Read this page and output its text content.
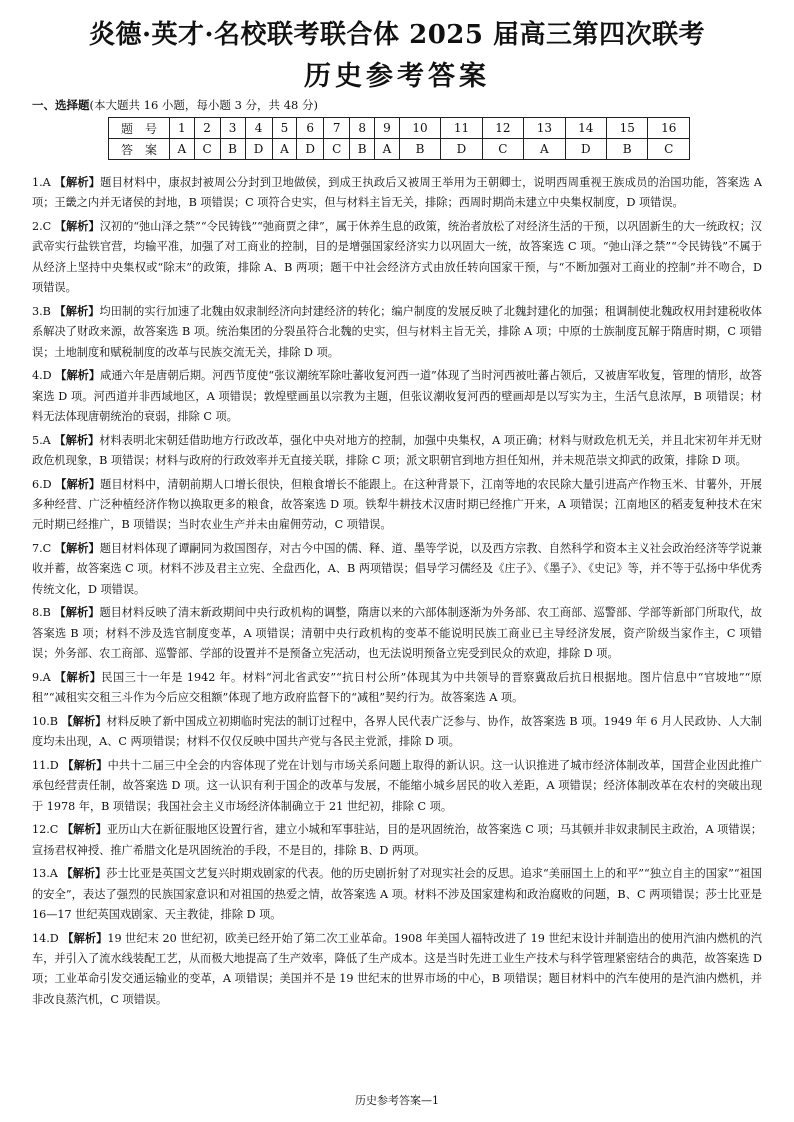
炎德·英才·名校联考联合体 2025 届高三第四次联考
历史参考答案
一、选择题(本大题共 16 小题，每小题 3 分，共 48 分)
题号	1	2	3	4	5	6	7	8	9	10	11	12	13	14	15	16
答案	A	C	B	D	A	D	C	B	A	B	D	C	A	D	B	C
1.A 【解析】题目材料中，康叔封被周公分封到卫地做侯，到成王执政后又被周王举用为王朝卿士，说明西周重视王族成员的治国功能，答案选 A 项；王畿之内并无诸侯的封地，B 项错误；C 项符合史实，但与材料主旨无关，排除；西周时期尚未建立中央集权制度，D 项错误。
2.C 【解析】汉初的“弛山泽之禁”“令民铸钱”“弛商贾之律”，属于休养生息的政策，统治者放松了对经济生活的干预，以巩固新生的大一统政权；汉武帝实行盐铁官营，均输平准，加强了对工商业的控制，目的是增强国家经济实力以巩固大一统，故答案选 C 项。“弛山泽之禁”“令民铸钱”不属于从经济上坚持中央集权或“除末”的政策，排除 A、B 两项；题干中社会经济方式由放任转向国家干预，与“不断加强对工商业的控制”并不吻合，D 项错误。
3.B 【解析】均田制的实行加速了北魏由奴隶制经济向封建经济的转化；编户制度的发展反映了北魏封建化的加强；租调制使北魏政权用封建税收体系解决了财政来源，故答案选 B 项。统治集团的分裂虽符合北魏的史实，但与材料主旨无关，排除 A 项；中原的士族制度瓦解于隋唐时期，C 项错误；土地制度和赋税制度的改革与民族交流无关，排除 D 项。
4.D 【解析】咸通六年是唐朝后期。河西节度使“张议潮统军除吐蕃收复河西一道”体现了当时河西被吐蕃占领后，又被唐军收复，管理的情形，故答案选 D 项。河西道并非西域地区，A 项错误；敦煌壁画虽以宗教为主题，但张议潮收复河西的壁画却是以写实为主，生活气息浓厚，B 项错误；材料无法体现唐朝统治的衰弱，排除 C 项。
5.A 【解析】材料表明北宋朝廷借助地方行政改革，强化中央对地方的控制，加强中央集权，A 项正确；材料与财政危机无关，并且北宋初年并无财政危机现象，B 项错误；材料与政府的行政效率并无直接关联，排除 C 项；派文职朝官到地方担任知州，并未规范崇文抑武的政策，排除 D 项。
6.D 【解析】题目材料中，清朝前期人口增长很快，但粮食增长不能跟上。在这种背景下，江南等地的农民除大量引进高产作物玉米、甘薯外，开展多种经营、广泛种植经济作物以换取更多的粮食，故答案选 D 项。铁犁牛耕技术汉唐时期已经推广开来，A 项错误；江南地区的稻麦复种技术在宋元时期已经推广，B 项错误；当时农业生产并未由雇佣劳动，C 项错误。
7.C 【解析】题目材料体现了谭嗣同为救国图存，对古今中国的儒、释、道、墨等学说，以及西方宗教、自然科学和资本主义社会政治经济等学说兼收并蓄，故答案选 C 项。材料不涉及君主立宪、全盘西化，A、B 两项错误；倡导学习儒经及《庄子》、《墨子》、《史记》等，并不等于弘扬中华优秀传统文化，D 项错误。
8.B 【解析】题目材料反映了清末新政期间中央行政机构的调整，隋唐以来的六部体制逐渐为外务部、农工商部、巡警部、学部等新部门所取代，故答案选 B 项；材料不涉及选官制度变革，A 项错误；清朝中央行政机构的变革不能说明民族工商业已主导经济发展，资产阶级当家作主，C 项错误；外务部、农工商部、巡警部、学部的设置并不是预备立宪活动，也无法说明预备立宪受到民众的欢迎，排除 D 项。
9.A 【解析】民国三十一年是 1942 年。材料“河北省武安”“抗日村公所”体现其为中共领导的晋察冀敌后抗日根据地。图片信息中“官坡地”“原租”“减租实交租三斗作为今后应交租额”体现了地方政府监督下的“减租”契约行为。故答案选 A 项。
10.B 【解析】材料反映了新中国成立初期临时宪法的制订过程中，各界人民代表广泛参与、协作，故答案选 B 项。1949 年 6 月人民政协、人大制度均未出现，A、C 两项错误；材料不仅仅反映中国共产党与各民主党派，排除 D 项。
11.D 【解析】中共十二届三中全会的内容体现了党在计划与市场关系问题上取得的新认识。这一认识推进了城市经济体制改革，国营企业因此推广承包经营责任制，故答案选 D 项。这一认识有利于国企的改革与发展，不能缩小城乡居民的收入差距，A 项错误；经济体制改革在农村的突破出现于 1978 年，B 项错误；我国社会主义市场经济体制确立于 21 世纪初，排除 C 项。
12.C 【解析】亚历山大在新征服地区设置行省，建立小城和军事驻站，目的是巩固统治，故答案选 C 项；马其顿并非奴隶制民主政治，A 项错误；宣扬君权神授、推广希腊文化是巩固统治的手段，不是目的，排除 B、D 两项。
13.A 【解析】莎士比亚是英国文艺复兴时期戏剧家的代表。他的历史剧折射了对现实社会的反思。追求“美丽国土上的和平”“独立自主的国家”“祖国的安全”，表达了强烈的民族国家意识和对祖国的热爱之情，故答案选 A 项。材料不涉及国家建构和政治腐败的问题，B、C 两项错误；莎士比亚是 16—17 世纪英国戏剧家、天主教徒，排除 D 项。
14.D 【解析】19 世纪末 20 世纪初，欧美已经开始了第二次工业革命。1908 年美国人福特改进了 19 世纪末设计并制造出的使用汽油内燃机的汽车，并引入了流水线装配工艺，从而极大地提高了生产效率，降低了生产成本。这是当时先进工业生产技术与科学管理紧密结合的典范，故答案选 D 项；工业革命引发交通运输业的变革，A 项错误；美国并不是 19 世纪末的世界市场的中心，B 项错误；题目材料中的汽车使用的是汽油内燃机，并非改良蒸汽机，C 项错误。
历史参考答案—1
